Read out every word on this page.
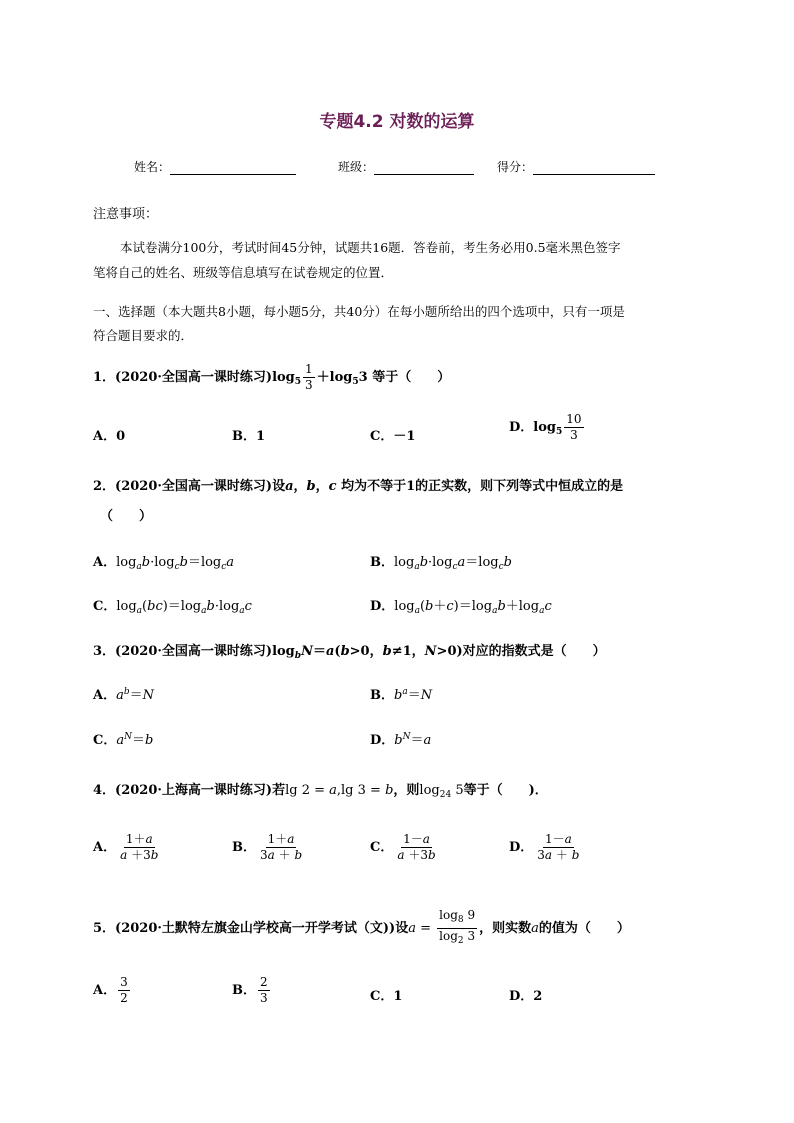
专题4.2 对数的运算
姓名：	班级：	得分：
注意事项：
本试卷满分100分，考试时间45分钟，试题共16题．答卷前，考生务必用0.5毫米黑色签字
笔将自己的姓名、班级等信息填写在试卷规定的位置．
一、选择题（本大题共8小题，每小题5分，共40分）在每小题所给出的四个选项中，只有一项是
符合题目要求的．
1．(2020·全国高一课时练习)$\log_5 \frac{1}{3} +\log_53$ 等于（　　）
A．0	B．1	C．－1
D．$\log_5 \frac{10}{3}$
2．(2020·全国高一课时练习)设a，b，c 均为不等于1的正实数，则下列等式中恒成立的是
（　　）
A．$\log_ab\cdot\log_cb=\log_ca$	B．$\log_ab\cdot\log_ca=\log_cb$
C．$\log_a(bc)=\log_ab\cdot\log_ac$	D．$\log_a(b+c)=\log_ab+\log_ac$
3．(2020·全国高一课时练习)$\log_bN=a(b>0$，b≠1，N>0)对应的指数式是（　　）
A．$a^b=N$	B．$b^a=N$
C．$a^N=b$	D．$b^N=a$
4．(2020·上海高一课时练习)若lg 2 = a,lg 3 = b，则$\log_{24} 5$等于（　　)．
A． $\frac{1+a}{a +3b}$	B． $\frac{1+a}{3a + b}$	C． $\frac{1-a}{a +3b}$	D． $\frac{1-a}{3a + b}$
5．(2020·土默特左旗金山学校高一开学考试（文))设$a = \frac{\log_8 9}{\log_2 3}$ ，则实数a的值为（　　）
A． $\frac{3}{2}$	B． $\frac{2}{3}$	C．1	D．2
